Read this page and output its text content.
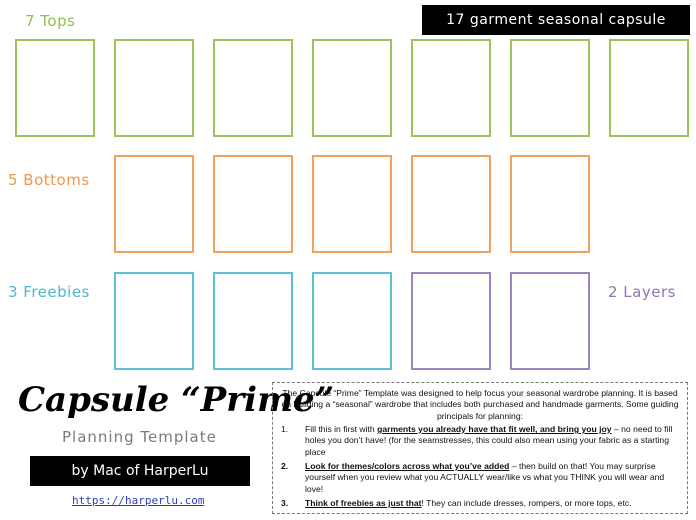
17 garment seasonal capsule
7 Tops
5 Bottoms
3 Freebies	2 Layers
Capsule “Prime”
Planning Template
by Mac of HarperLu
https://harperlu.com
The Capsule “Prime” Template was designed to help focus your seasonal wardrobe planning. It is based on building a “seasonal” wardrobe that includes both purchased and handmade garments. Some guiding principals for planning:
1.	Fill this in first with garments you already have that fit well, and bring you joy – no need to fill holes you don’t have! (for the seamstresses, this could also mean using your fabric as a starting place
2.	Look for themes/colors across what you’ve added – then build on that! You may surprise yourself when you review what you ACTUALLY wear/like vs what you THINK you will wear and love!
3.	Think of freebies as just that! They can include dresses, rompers, or more tops, etc.
